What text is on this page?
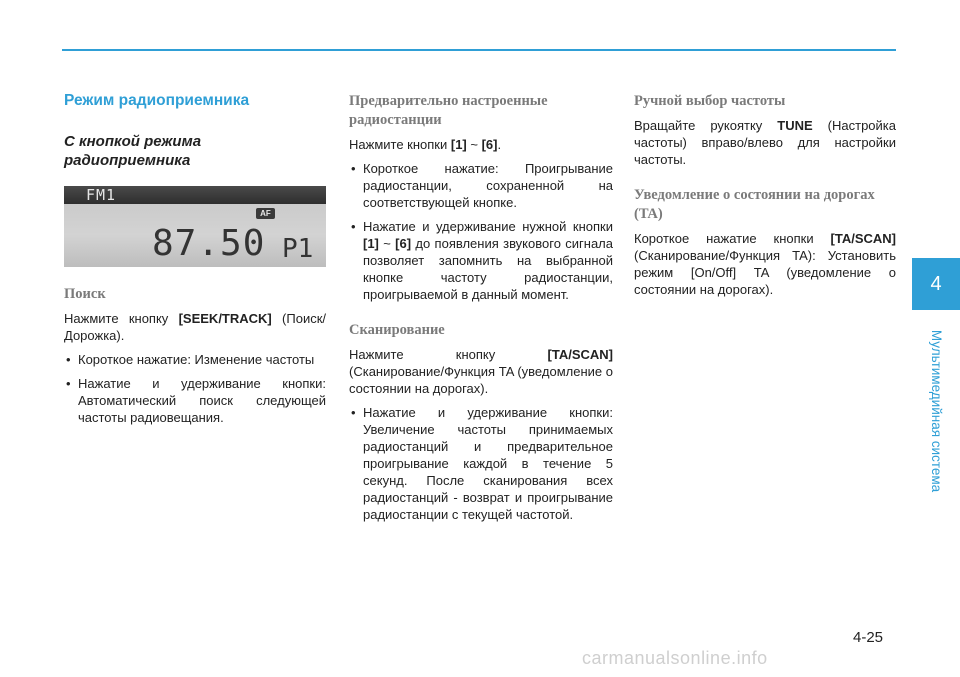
Режим радиоприемника
С кнопкой режима радиоприемника
FM1
AF
87.50 P1
Поиск

Нажмите кнопку [SEEK/TRACK] (Поиск/Дорожка).

• Короткое нажатие: Изменение частоты
• Нажатие и удерживание кнопки: Автоматический поиск следующей частоты радиовещания.
Предварительно настроенные радиостанции

Нажмите кнопки [1] ~ [6].

• Короткое нажатие: Проигрывание радиостанции, сохраненной на соответствующей кнопке.
• Нажатие и удерживание нужной кнопки [1] ~ [6] до появления звукового сигнала позволяет запомнить на выбранной кнопке частоту радиостанции, проигрываемой в данный момент.
Сканирование

Нажмите кнопку [TA/SCAN] (Сканирование/Функция TA (уведомление о состоянии на дорогах).

• Нажатие и удерживание кнопки: Увеличение частоты принимаемых радиостанций и предварительное проигрывание каждой в течение 5 секунд. После сканирования всех радиостанций - возврат и проигрывание радиостанции с текущей частотой.
Ручной выбор частоты

Вращайте рукоятку TUNE (Настройка частоты) вправо/влево для настройки частоты.

Уведомление о состоянии на дорогах (TA)

Короткое нажатие кнопки [TA/SCAN] (Сканирование/Функция TA): Установить режим [On/Off] TA (уведомление о состоянии на дорогах).	4
Мультимедийная система
4-25
carmanualsonline.info
